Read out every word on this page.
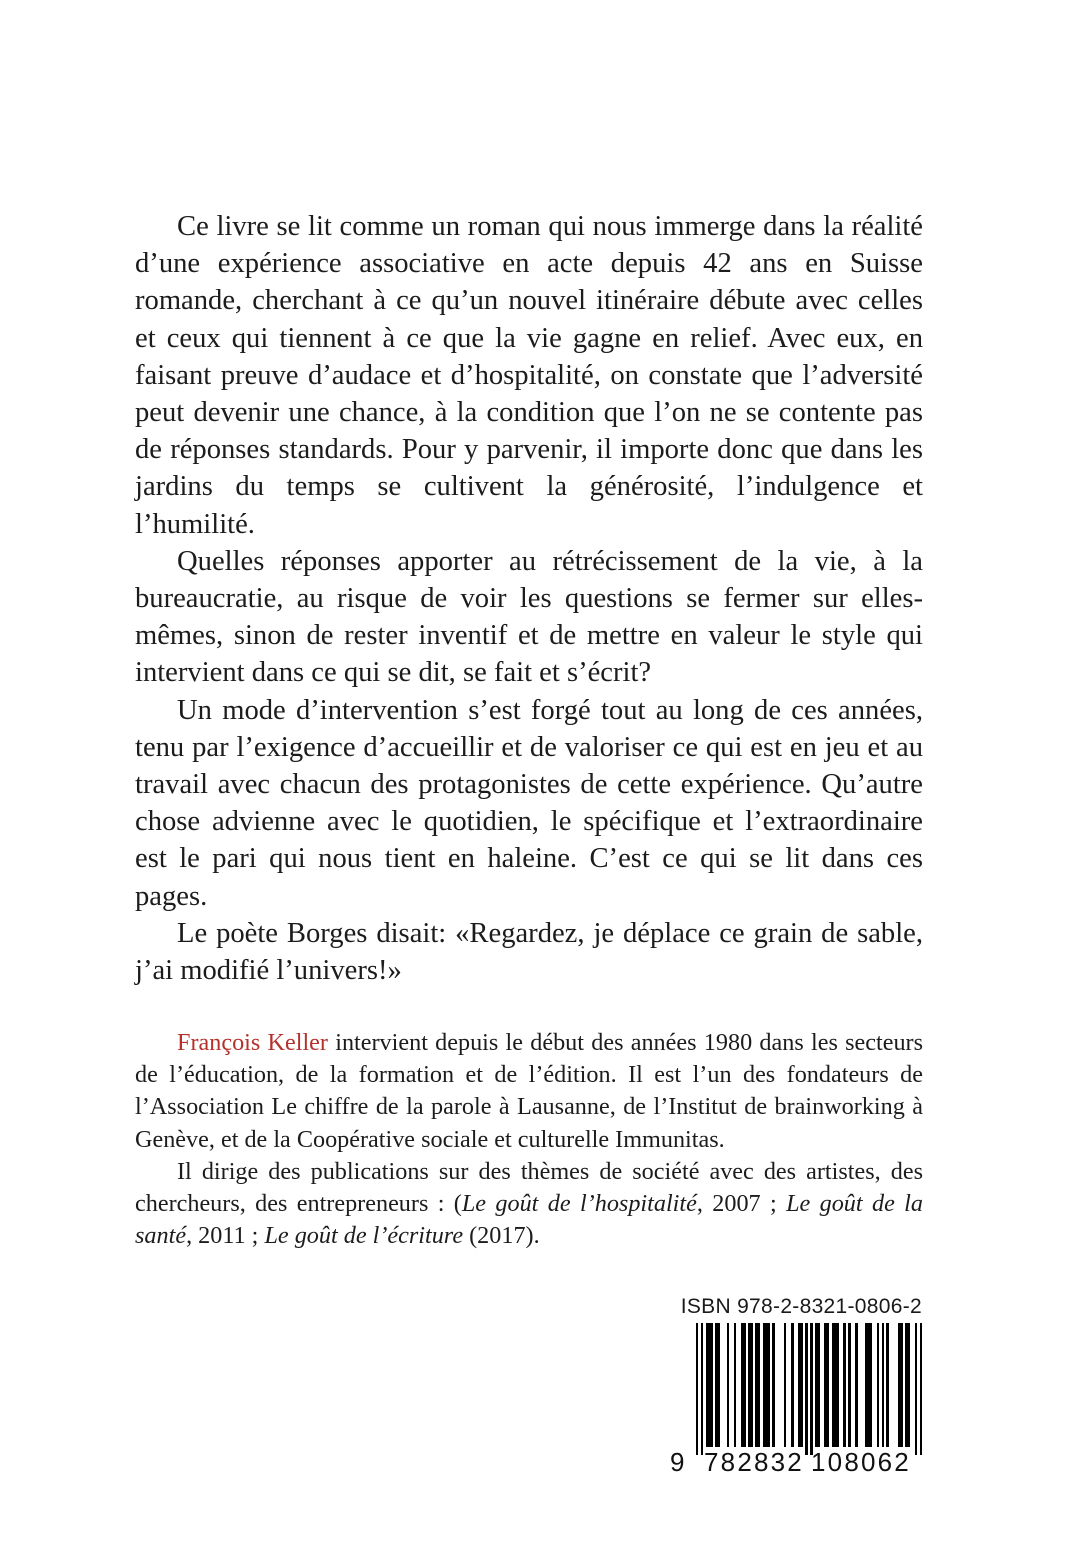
Ce livre se lit comme un roman qui nous immerge dans la réalité d’une expérience associative en acte depuis 42 ans en Suisse romande, cherchant à ce qu’un nouvel itinéraire débute avec celles et ceux qui tiennent à ce que la vie gagne en relief. Avec eux, en faisant preuve d’audace et d’hospitalité, on constate que l’adversité peut devenir une chance, à la condition que l’on ne se contente pas de réponses standards. Pour y parvenir, il importe donc que dans les jardins du temps se cultivent la générosité, l’indulgence et l’humilité.

Quelles réponses apporter au rétrécissement de la vie, à la bureaucratie, au risque de voir les questions se fermer sur elles-mêmes, sinon de rester inventif et de mettre en valeur le style qui intervient dans ce qui se dit, se fait et s’écrit?

Un mode d’intervention s’est forgé tout au long de ces années, tenu par l’exigence d’accueillir et de valoriser ce qui est en jeu et au travail avec chacun des protagonistes de cette expérience. Qu’autre chose advienne avec le quotidien, le spécifique et l’extraordinaire est le pari qui nous tient en haleine. C’est ce qui se lit dans ces pages.

Le poète Borges disait: «Regardez, je déplace ce grain de sable, j’ai modifié l’univers!»

François Keller intervient depuis le début des années 1980 dans les secteurs de l’éducation, de la formation et de l’édition. Il est l’un des fondateurs de l’Association Le chiffre de la parole à Lausanne, de l’Institut de brainworking à Genève, et de la Coopérative sociale et culturelle Immunitas.

Il dirige des publications sur des thèmes de société avec des artistes, des chercheurs, des entrepreneurs : (Le goût de l’hospitalité, 2007 ; Le goût de la santé, 2011 ; Le goût de l’écriture (2017).

ISBN 978-2-8321-0806-2
9 782832 108062
